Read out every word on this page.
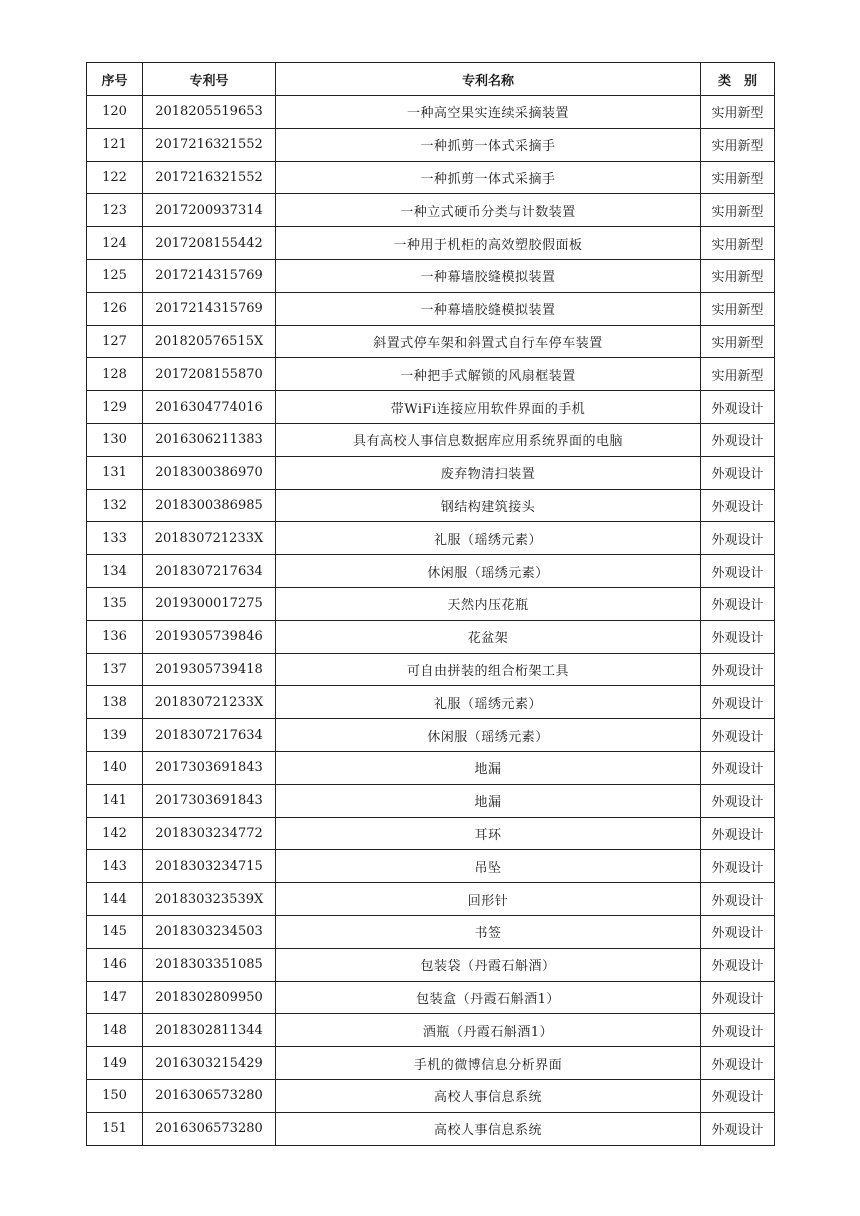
序号	专利号	专利名称	类　别
120	2018205519653	一种高空果实连续采摘装置	实用新型
121	2017216321552	一种抓剪一体式采摘手	实用新型
122	2017216321552	一种抓剪一体式采摘手	实用新型
123	2017200937314	一种立式硬币分类与计数装置	实用新型
124	2017208155442	一种用于机柜的高效塑胶假面板	实用新型
125	2017214315769	一种幕墙胶缝模拟装置	实用新型
126	2017214315769	一种幕墙胶缝模拟装置	实用新型
127	201820576515X	斜置式停车架和斜置式自行车停车装置	实用新型
128	2017208155870	一种把手式解锁的风扇框装置	实用新型
129	2016304774016	带WiFi连接应用软件界面的手机	外观设计
130	2016306211383	具有高校人事信息数据库应用系统界面的电脑	外观设计
131	2018300386970	废弃物清扫装置	外观设计
132	2018300386985	钢结构建筑接头	外观设计
133	201830721233X	礼服（瑶绣元素）	外观设计
134	2018307217634	休闲服（瑶绣元素）	外观设计
135	2019300017275	天然内压花瓶	外观设计
136	2019305739846	花盆架	外观设计
137	2019305739418	可自由拼装的组合桁架工具	外观设计
138	201830721233X	礼服（瑶绣元素）	外观设计
139	2018307217634	休闲服（瑶绣元素）	外观设计
140	2017303691843	地漏	外观设计
141	2017303691843	地漏	外观设计
142	2018303234772	耳环	外观设计
143	2018303234715	吊坠	外观设计
144	201830323539X	回形针	外观设计
145	2018303234503	书签	外观设计
146	2018303351085	包装袋（丹霞石斛酒）	外观设计
147	2018302809950	包装盒（丹霞石斛酒1）	外观设计
148	2018302811344	酒瓶（丹霞石斛酒1）	外观设计
149	2016303215429	手机的微博信息分析界面	外观设计
150	2016306573280	高校人事信息系统	外观设计
151	2016306573280	高校人事信息系统	外观设计
